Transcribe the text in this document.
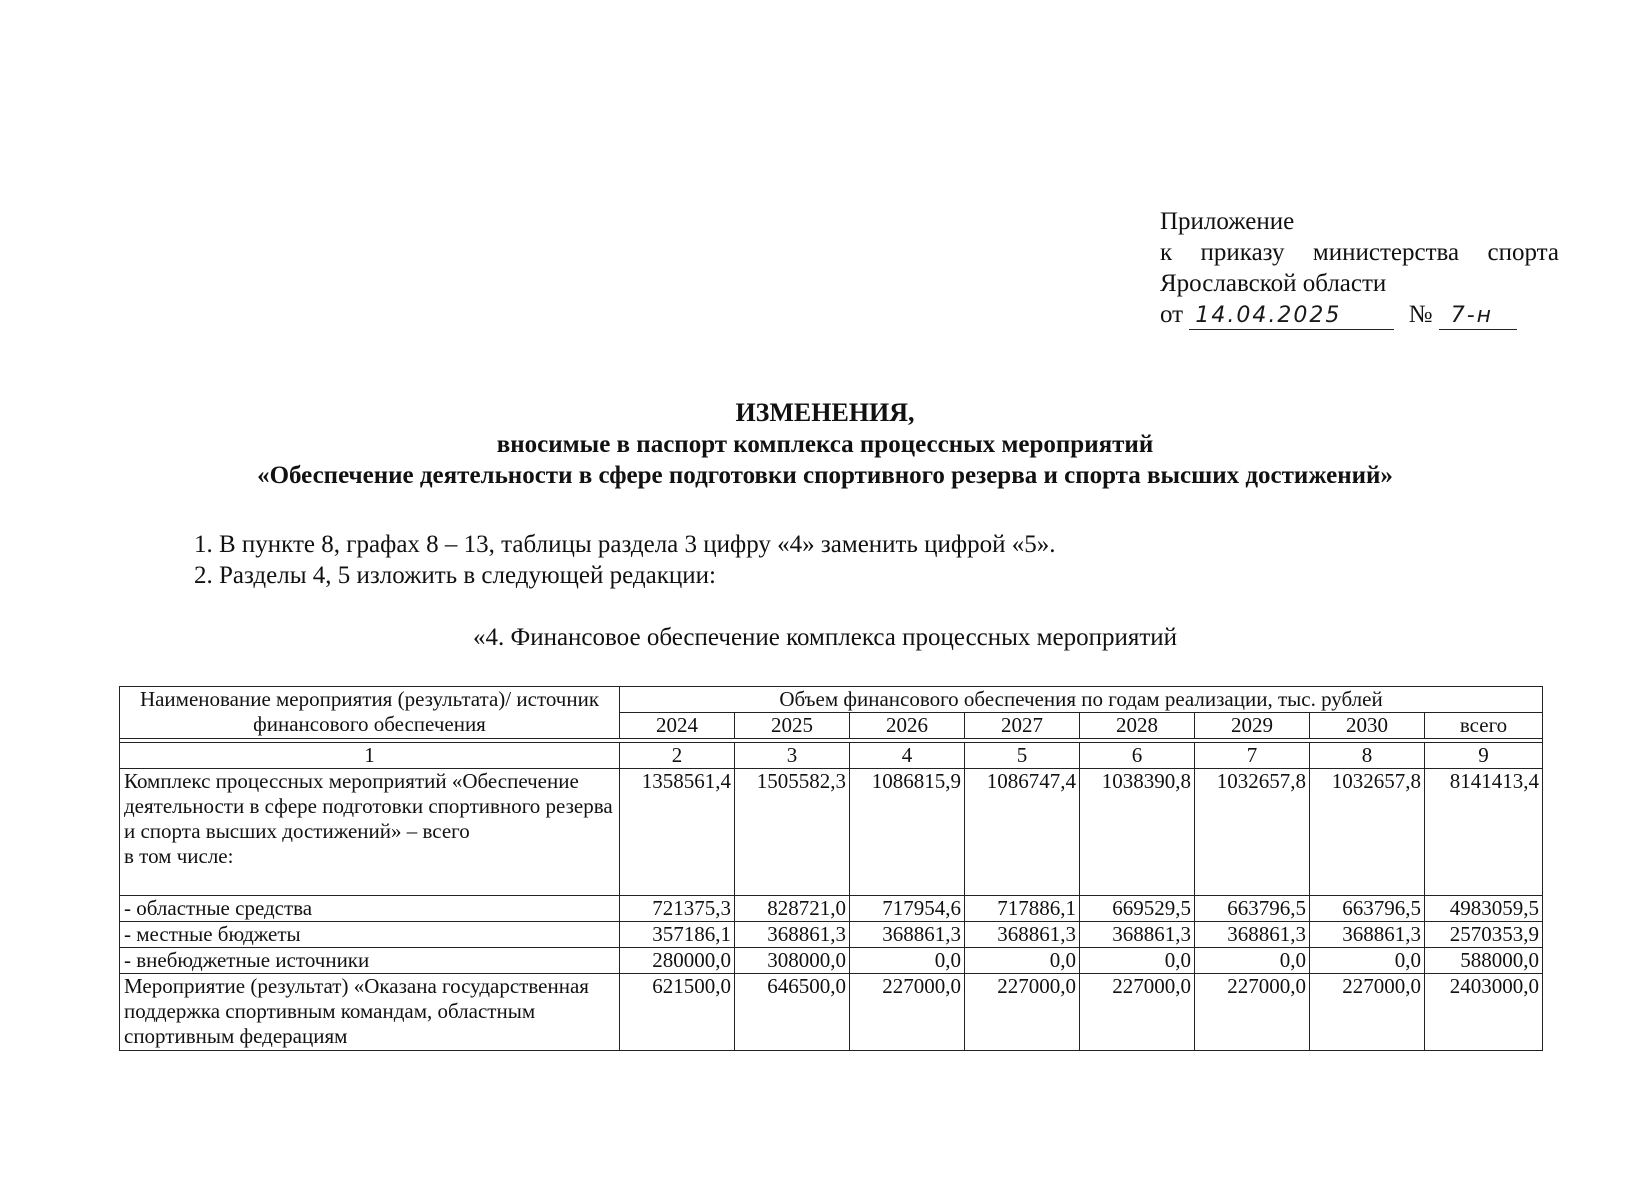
Приложение
к приказу министерства спорта
Ярославской области
от 14.04.2025	№ 7-н
ИЗМЕНЕНИЯ,
вносимые в паспорт комплекса процессных мероприятий
«Обеспечение деятельности в сфере подготовки спортивного резерва и спорта высших достижений»
1. В пункте 8, графах 8 – 13, таблицы раздела 3 цифру «4» заменить цифрой «5».
2. Разделы 4, 5 изложить в следующей редакции:
«4. Финансовое обеспечение комплекса процессных мероприятий
Наименование мероприятия (результата)/ источник финансового обеспечения	Объем финансового обеспечения по годам реализации, тыс. рублей							
	2024	2025	2026	2027	2028	2029	2030	всего

1	2	3	4	5	6	7	8	9
Комплекс процессных мероприятий «Обеспечение деятельности в сфере подготовки спортивного резерва и спорта высших достижений» – всего
в том числе:	1358561,4	1505582,3	1086815,9	1086747,4	1038390,8	1032657,8	1032657,8	8141413,4
- областные средства	721375,3	828721,0	717954,6	717886,1	669529,5	663796,5	663796,5	4983059,5
- местные бюджеты	357186,1	368861,3	368861,3	368861,3	368861,3	368861,3	368861,3	2570353,9
- внебюджетные источники	280000,0	308000,0	0,0	0,0	0,0	0,0	0,0	588000,0
Мероприятие (результат) «Оказана государственная поддержка спортивным командам, областным спортивным федерациям	621500,0	646500,0	227000,0	227000,0	227000,0	227000,0	227000,0	2403000,0
